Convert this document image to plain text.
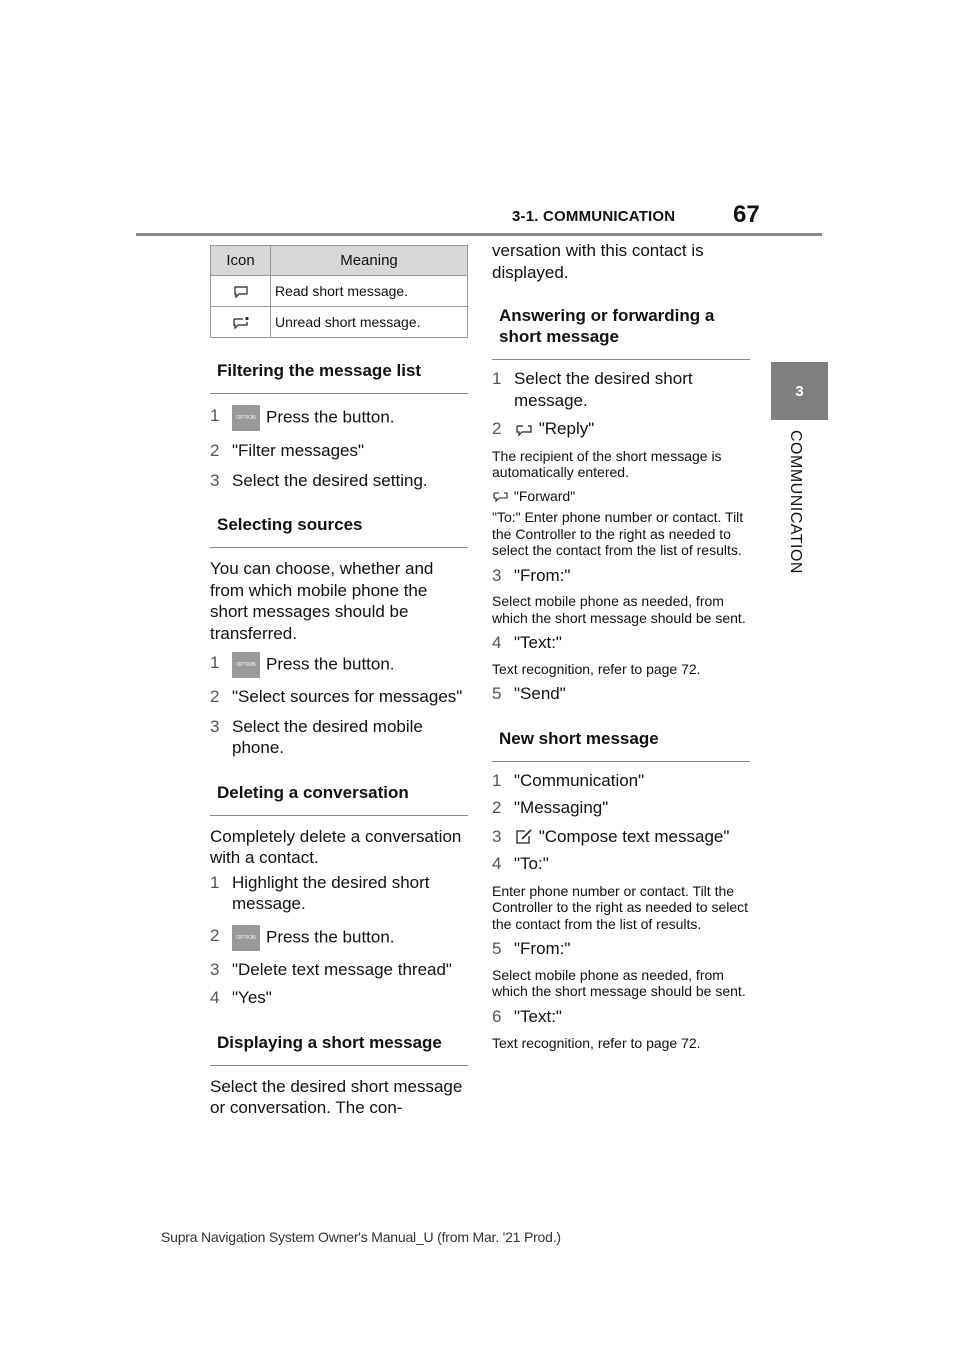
3-1. COMMUNICATION 67
3
COMMUNICATION
Icon	Meaning
	Read short message.
	Unread short message.
Filtering the message list
1	OPTION Press the button.
2 "Filter messages"
3 Select the desired setting.
Selecting sources
You can choose, whether and from which mobile phone the short messages should be transferred.
1	OPTION Press the button.
2 "Select sources for messages"
3 Select the desired mobile phone.
Deleting a conversation
Completely delete a conversation with a contact.
1 Highlight the desired short message.
2	OPTION Press the button.
3 "Delete text message thread"
4 "Yes"
Displaying a short message
Select the desired short message or conversation. The con-
versation with this contact is displayed.
Answering or forwarding a short message
1 Select the desired short message.
2	"Reply"
The recipient of the short message is automatically entered.
"Forward"
"To:" Enter phone number or contact. Tilt the Controller to the right as needed to select the contact from the list of results.
3 "From:"
Select mobile phone as needed, from which the short message should be sent.
4 "Text:"
Text recognition, refer to page 72.
5 "Send"
New short message
1 "Communication"
2 "Messaging"
3	"Compose text message"
4 "To:"
Enter phone number or contact. Tilt the Controller to the right as needed to select the contact from the list of results.
5 "From:"
Select mobile phone as needed, from which the short message should be sent.
6 "Text:"
Text recognition, refer to page 72.
Supra Navigation System Owner's Manual_U (from Mar. '21 Prod.)
